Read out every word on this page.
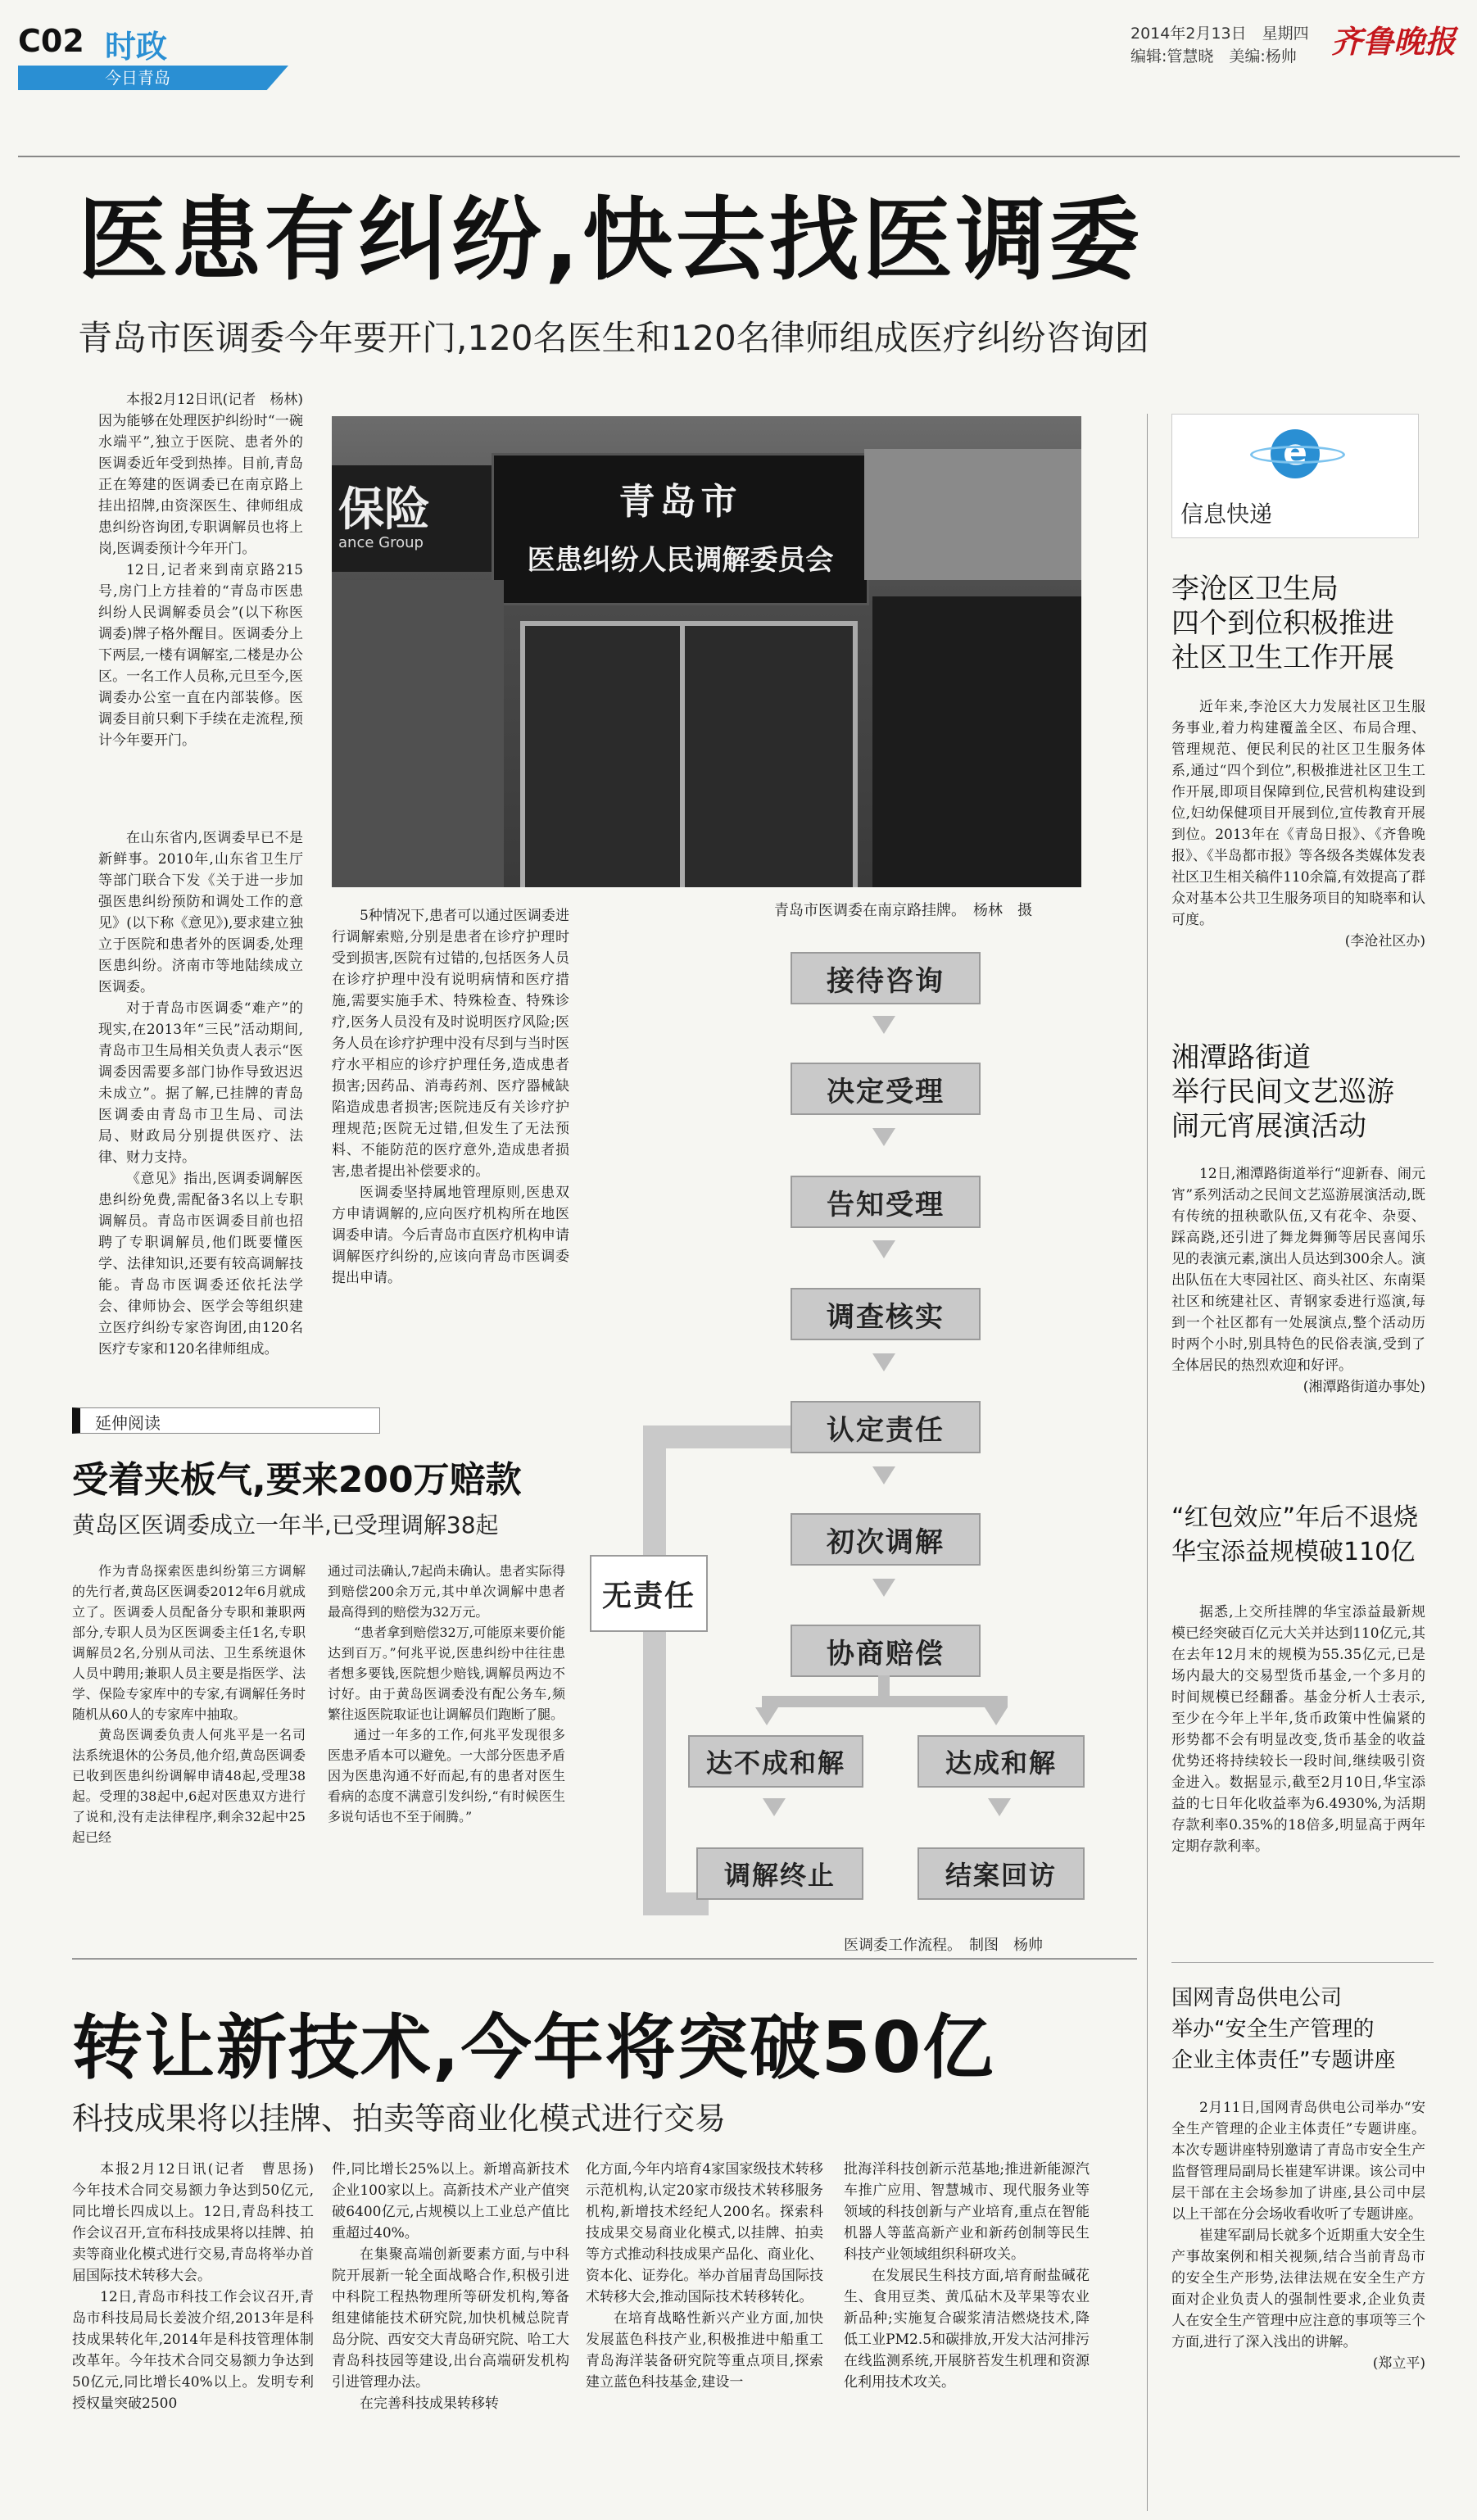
C02 时政
今日青岛
2014年2月13日　星期四
编辑:管慧晓　美编:杨帅 齐鲁晚报
医患有纠纷,快去找医调委
青岛市医调委今年要开门,120名医生和120名律师组成医疗纠纷咨询团

本报2月12日讯(记者　杨林)　因为能够在处理医护纠纷时“一碗水端平”,独立于医院、患者外的医调委近年受到热捧。目前,青岛正在筹建的医调委已在南京路上挂出招牌,由资深医生、律师组成患纠纷咨询团,专职调解员也将上岗,医调委预计今年开门。

12日,记者来到南京路215号,房门上方挂着的“青岛市医患纠纷人民调解委员会”(以下称医调委)牌子格外醒目。医调委分上下两层,一楼有调解室,二楼是办公区。一名工作人员称,元旦至今,医调委办公室一直在内部装修。医调委目前只剩下手续在走流程,预计今年要开门。

在山东省内,医调委早已不是新鲜事。2010年,山东省卫生厅等部门联合下发《关于进一步加强医患纠纷预防和调处工作的意见》(以下称《意见》),要求建立独立于医院和患者外的医调委,处理医患纠纷。济南市等地陆续成立医调委。

对于青岛市医调委“难产”的现实,在2013年“三民”活动期间,青岛市卫生局相关负责人表示“医调委因需要多部门协作导致迟迟未成立”。据了解,已挂牌的青岛医调委由青岛市卫生局、司法局、财政局分别提供医疗、法律、财力支持。

《意见》指出,医调委调解医患纠纷免费,需配备3名以上专职调解员。青岛市医调委目前也招聘了专职调解员,他们既要懂医学、法律知识,还要有较高调解技能。青岛市医调委还依托法学会、律师协会、医学会等组织建立医疗纠纷专家咨询团,由120名医疗专家和120名律师组成。

保险
ance Group
青岛市
医患纠纷人民调解委员会
青岛市医调委在南京路挂牌。　杨林　摄

5种情况下,患者可以通过医调委进行调解索赔,分别是患者在诊疗护理时受到损害,医院有过错的,包括医务人员在诊疗护理中没有说明病情和医疗措施,需要实施手术、特殊检查、特殊诊疗,医务人员没有及时说明医疗风险;医务人员在诊疗护理中没有尽到与当时医疗水平相应的诊疗护理任务,造成患者损害;因药品、消毒药剂、医疗器械缺陷造成患者损害;医院违反有关诊疗护理规范;医院无过错,但发生了无法预料、不能防范的医疗意外,造成患者损害,患者提出补偿要求的。

医调委坚持属地管理原则,医患双方申请调解的,应向医疗机构所在地医调委申请。今后青岛市直医疗机构申请调解医疗纠纷的,应该向青岛市医调委提出申请。

接待咨询
决定受理
告知受理
调查核实
认定责任
初次调解
协商赔偿
无责任
达不成和解	达成和解
调解终止	结案回访
医调委工作流程。　制图　杨帅
延伸阅读
受着夹板气,要来200万赔款
黄岛区医调委成立一年半,已受理调解38起

作为青岛探索医患纠纷第三方调解的先行者,黄岛区医调委2012年6月就成立了。医调委人员配备分专职和兼职两部分,专职人员为区医调委主任1名,专职调解员2名,分别从司法、卫生系统退休人员中聘用;兼职人员主要是指医学、法学、保险专家库中的专家,有调解任务时随机从60人的专家库中抽取。

黄岛医调委负责人何兆平是一名司法系统退休的公务员,他介绍,黄岛医调委已收到医患纠纷调解申请48起,受理38起。受理的38起中,6起对医患双方进行了说和,没有走法律程序,剩余32起中25起已经

通过司法确认,7起尚未确认。患者实际得到赔偿200余万元,其中单次调解中患者最高得到的赔偿为32万元。

“患者拿到赔偿32万,可能原来要价能达到百万。”何兆平说,医患纠纷中往往患者想多要钱,医院想少赔钱,调解员两边不讨好。由于黄岛医调委没有配公务车,频繁往返医院取证也让调解员们跑断了腿。

通过一年多的工作,何兆平发现很多医患矛盾本可以避免。一大部分医患矛盾因为医患沟通不好而起,有的患者对医生看病的态度不满意引发纠纷,“有时候医生多说句话也不至于闹腾。”

转让新技术,今年将突破50亿
科技成果将以挂牌、拍卖等商业化模式进行交易

本报2月12日讯(记者　曹思扬)　今年技术合同交易额力争达到50亿元,同比增长四成以上。12日,青岛科技工作会议召开,宣布科技成果将以挂牌、拍卖等商业化模式进行交易,青岛将举办首届国际技术转移大会。

12日,青岛市科技工作会议召开,青岛市科技局局长姜波介绍,2013年是科技成果转化年,2014年是科技管理体制改革年。今年技术合同交易额力争达到50亿元,同比增长40%以上。发明专利授权量突破2500

件,同比增长25%以上。新增高新技术企业100家以上。高新技术产业产值突破6400亿元,占规模以上工业总产值比重超过40%。

在集聚高端创新要素方面,与中科院开展新一轮全面战略合作,积极引进中科院工程热物理所等研发机构,筹备组建储能技术研究院,加快机械总院青岛分院、西安交大青岛研究院、哈工大青岛科技园等建设,出台高端研发机构引进管理办法。

在完善科技成果转移转

化方面,今年内培育4家国家级技术转移示范机构,认定20家市级技术转移服务机构,新增技术经纪人200名。探索科技成果交易商业化模式,以挂牌、拍卖等方式推动科技成果产品化、商业化、资本化、证券化。举办首届青岛国际技术转移大会,推动国际技术转移转化。

在培育战略性新兴产业方面,加快发展蓝色科技产业,积极推进中船重工青岛海洋装备研究院等重点项目,探索建立蓝色科技基金,建设一

批海洋科技创新示范基地;推进新能源汽车推广应用、智慧城市、现代服务业等领域的科技创新与产业培育,重点在智能机器人等蓝高新产业和新药创制等民生科技产业领域组织科研攻关。

在发展民生科技方面,培育耐盐碱花生、食用豆类、黄瓜砧木及苹果等农业新品种;实施复合碳浆清洁燃烧技术,降低工业PM2.5和碳排放,开发大沽河排污在线监测系统,开展脐苔发生机理和资源化利用技术攻关。

e
信息快递
李沧区卫生局
四个到位积极推进
社区卫生工作开展

近年来,李沧区大力发展社区卫生服务事业,着力构建覆盖全区、布局合理、管理规范、便民利民的社区卫生服务体系,通过“四个到位”,积极推进社区卫生工作开展,即项目保障到位,民营机构建设到位,妇幼保健项目开展到位,宣传教育开展到位。2013年在《青岛日报》、《齐鲁晚报》、《半岛都市报》等各级各类媒体发表社区卫生相关稿件110余篇,有效提高了群众对基本公共卫生服务项目的知晓率和认可度。

(李沧社区办)

湘潭路街道
举行民间文艺巡游
闹元宵展演活动

12日,湘潭路街道举行“迎新春、闹元宵”系列活动之民间文艺巡游展演活动,既有传统的扭秧歌队伍,又有花伞、杂耍、踩高跷,还引进了舞龙舞狮等居民喜闻乐见的表演元素,演出人员达到300余人。演出队伍在大枣园社区、商头社区、东南渠社区和统建社区、青钢家委进行巡演,每到一个社区都有一处展演点,整个活动历时两个小时,别具特色的民俗表演,受到了全体居民的热烈欢迎和好评。

(湘潭路街道办事处)

“红包效应”年后不退烧
华宝添益规模破110亿

据悉,上交所挂牌的华宝添益最新规模已经突破百亿元大关并达到110亿元,其在去年12月末的规模为55.35亿元,已是场内最大的交易型货币基金,一个多月的时间规模已经翻番。基金分析人士表示,至少在今年上半年,货币政策中性偏紧的形势都不会有明显改变,货币基金的收益优势还将持续较长一段时间,继续吸引资金进入。数据显示,截至2月10日,华宝添益的七日年化收益率为6.4930%,为活期存款利率0.35%的18倍多,明显高于两年定期存款利率。

国网青岛供电公司
举办“安全生产管理的
企业主体责任”专题讲座

2月11日,国网青岛供电公司举办“安全生产管理的企业主体责任”专题讲座。本次专题讲座特别邀请了青岛市安全生产监督管理局副局长崔建军讲课。该公司中层干部在主会场参加了讲座,县公司中层以上干部在分会场收看收听了专题讲座。

崔建军副局长就多个近期重大安全生产事故案例和相关视频,结合当前青岛市的安全生产形势,法律法规在安全生产方面对企业负责人的强制性要求,企业负责人在安全生产管理中应注意的事项等三个方面,进行了深入浅出的讲解。

(郑立平)
